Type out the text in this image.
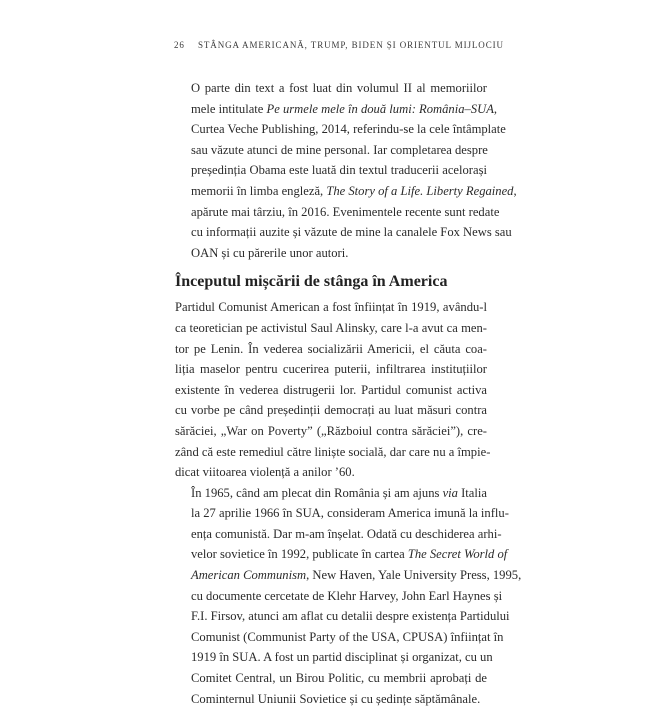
26 STÂNGA AMERICANĂ, TRUMP, BIDEN ȘI ORIENTUL MIJLOCIU

O parte din text a fost luat din volumul II al memoriilor
mele intitulate Pe urmele mele în două lumi: România–SUA,
Curtea Veche Publishing, 2014, referindu-se la cele întâmplate
sau văzute atunci de mine personal. Iar completarea despre
președinția Obama este luată din textul traducerii acelorași
memorii în limba engleză, The Story of a Life. Liberty Regained,
apărute mai târziu, în 2016. Evenimentele recente sunt redate
cu informații auzite și văzute de mine la canalele Fox News sau
OAN și cu părerile unor autori.

Începutul mișcării de stânga în America

Partidul Comunist American a fost înființat în 1919, avându-l
ca teoretician pe activistul Saul Alinsky, care l-a avut ca men-
tor pe Lenin. În vederea socializării Americii, el căuta coa-
liția maselor pentru cucerirea puterii, infiltrarea instituțiilor
existente în vederea distrugerii lor. Partidul comunist activa
cu vorbe pe când președinții democrați au luat măsuri contra
sărăciei, „War on Poverty” („Războiul contra sărăciei”), cre-
zând că este remediul către liniște socială, dar care nu a împie-
dicat viitoarea violență a anilor ’60.

În 1965, când am plecat din România și am ajuns via Italia
la 27 aprilie 1966 în SUA, consideram America imună la influ-
ența comunistă. Dar m-am înșelat. Odată cu deschiderea arhi-
velor sovietice în 1992, publicate în cartea The Secret World of
American Communism, New Haven, Yale University Press, 1995,
cu documente cercetate de Klehr Harvey, John Earl Haynes și
F.I. Firsov, atunci am aflat cu detalii despre existența Partidului
Comunist (Communist Party of the USA, CPUSA) înființat în
1919 în SUA. A fost un partid disciplinat și organizat, cu un
Comitet Central, un Birou Politic, cu membrii aprobați de
Cominternul Uniunii Sovietice și cu ședințe săptămânale.
